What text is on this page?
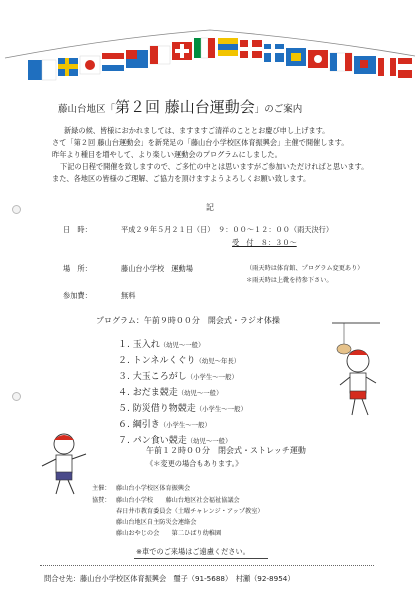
藤山台地区「第２回 藤山台運動会」のご案内
新緑の候、皆様におかれましては、ますますご清祥のこととお慶び申し上げます。
さて「第２回 藤山台運動会」を新発足の「藤山台小学校区体育振興会」主催で開催します。
昨年より種目を増やして、より楽しい運動会のプログラムにしました。
下記の日程で開催を致しますので、ご多忙の中とは思いますがご参加いただければと思います。
また、各地区の皆様のご理解、ご協力を頂けますようよろしくお願い致します。
記
日　時：	平成２９年５月２１日（日）　９：００～１２：００（雨天決行）
受　付　８：３０～
場　所：	藤山台小学校　運動場	（雨天時は体育館、プログラム変更あり）
＊雨天時は上靴を持参下さい。
参加費：	無料
プログラム：午前９時００分　開会式・ラジオ体操
１. 玉入れ（幼児～一般）
２. トンネルくぐり（幼児～年長）
３. 大玉ころがし（小学生～一般）
４. おだま競走（幼児～一般）
５. 防災借り物競走（小学生～一般）
６. 綱引き（小学生～一般）
７. パン食い競走（幼児～一般）
午前１２時００分　閉会式・ストレッチ運動
《＊変更の場合もあります。》
主催： 藤山台小学校区体育振興会
協賛： 藤山台小学校　　藤山台地区社会福祉協議会
春日井市教育委員会（土曜チャレンジ・アップ教室）
藤山台地区自主防災会連絡会
藤山おやじの会　　第二ひばり幼稚園
※車でのご来場はご遠慮ください。
問合せ先：藤山台小学校区体育振興会　璽子（91-5688）　村瀬（92-8954）
